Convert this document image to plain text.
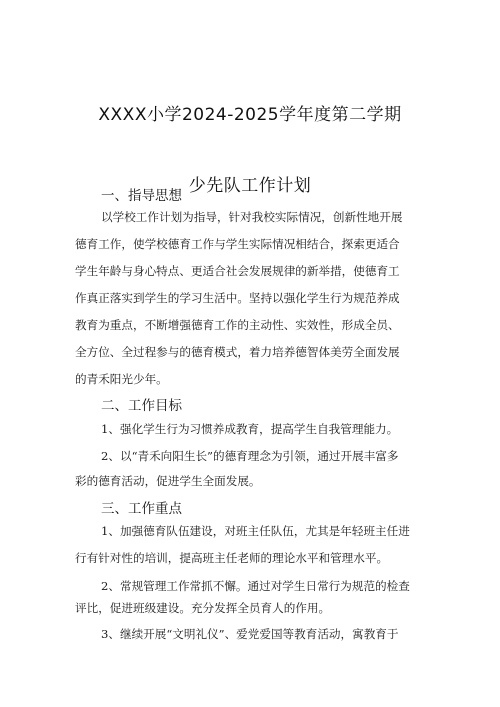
XXXX小学2024-2025学年度第二学期
少先队工作计划
一、指导思想
以学校工作计划为指导，针对我校实际情况，创新性地开展
德育工作，使学校德育工作与学生实际情况相结合，探索更适合
学生年龄与身心特点、更适合社会发展规律的新举措，使德育工
作真正落实到学生的学习生活中。坚持以强化学生行为规范养成
教育为重点，不断增强德育工作的主动性、实效性，形成全员、
全方位、全过程参与的德育模式，着力培养德智体美劳全面发展
的青禾阳光少年。
二、工作目标
1、强化学生行为习惯养成教育，提高学生自我管理能力。
2、以“青禾向阳生长”的德育理念为引领，通过开展丰富多
彩的德育活动，促进学生全面发展。
三、工作重点
1、加强德育队伍建设，对班主任队伍，尤其是年轻班主任进
行有针对性的培训，提高班主任老师的理论水平和管理水平。
2、常规管理工作常抓不懈。通过对学生日常行为规范的检查
评比，促进班级建设。充分发挥全员育人的作用。
3、继续开展“文明礼仪”、爱党爱国等教育活动，寓教育于
